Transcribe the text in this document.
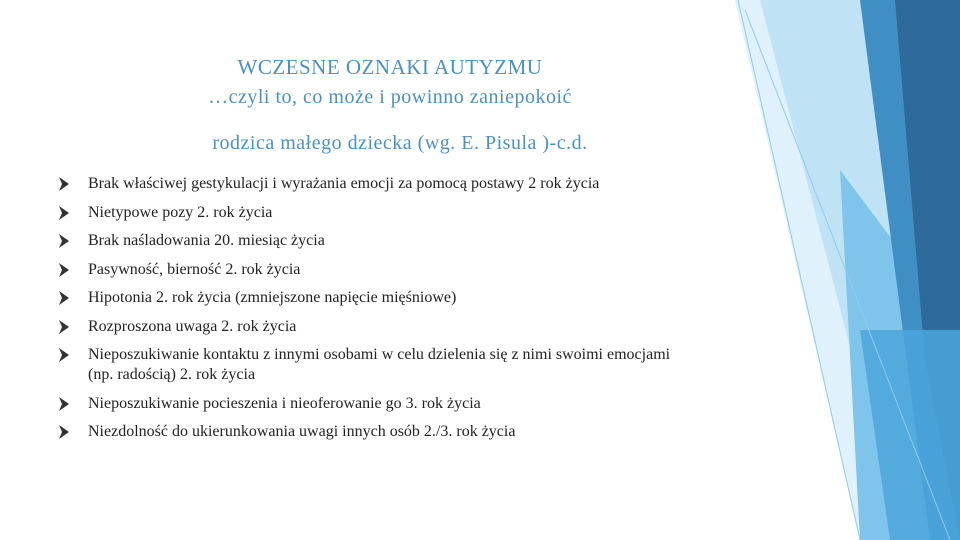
WCZESNE OZNAKI AUTYZMU
…czyli to, co może i powinno zaniepokoić
rodzica małego dziecka (wg. E. Pisula )-c.d.
Brak właściwej gestykulacji i wyrażania emocji za pomocą postawy 2 rok życia
Nietypowe pozy 2. rok życia
Brak naśladowania 20. miesiąc życia
Pasywność, bierność 2. rok życia
Hipotonia 2. rok życia (zmniejszone napięcie mięśniowe)
Rozproszona uwaga 2. rok życia
Nieposzukiwanie kontaktu z innymi osobami w celu dzielenia się z nimi swoimi emocjami (np. radością) 2. rok życia
Nieposzukiwanie pocieszenia i nieoferowanie go 3. rok życia
Niezdolność do ukierunkowania uwagi innych osób 2./3. rok życia
